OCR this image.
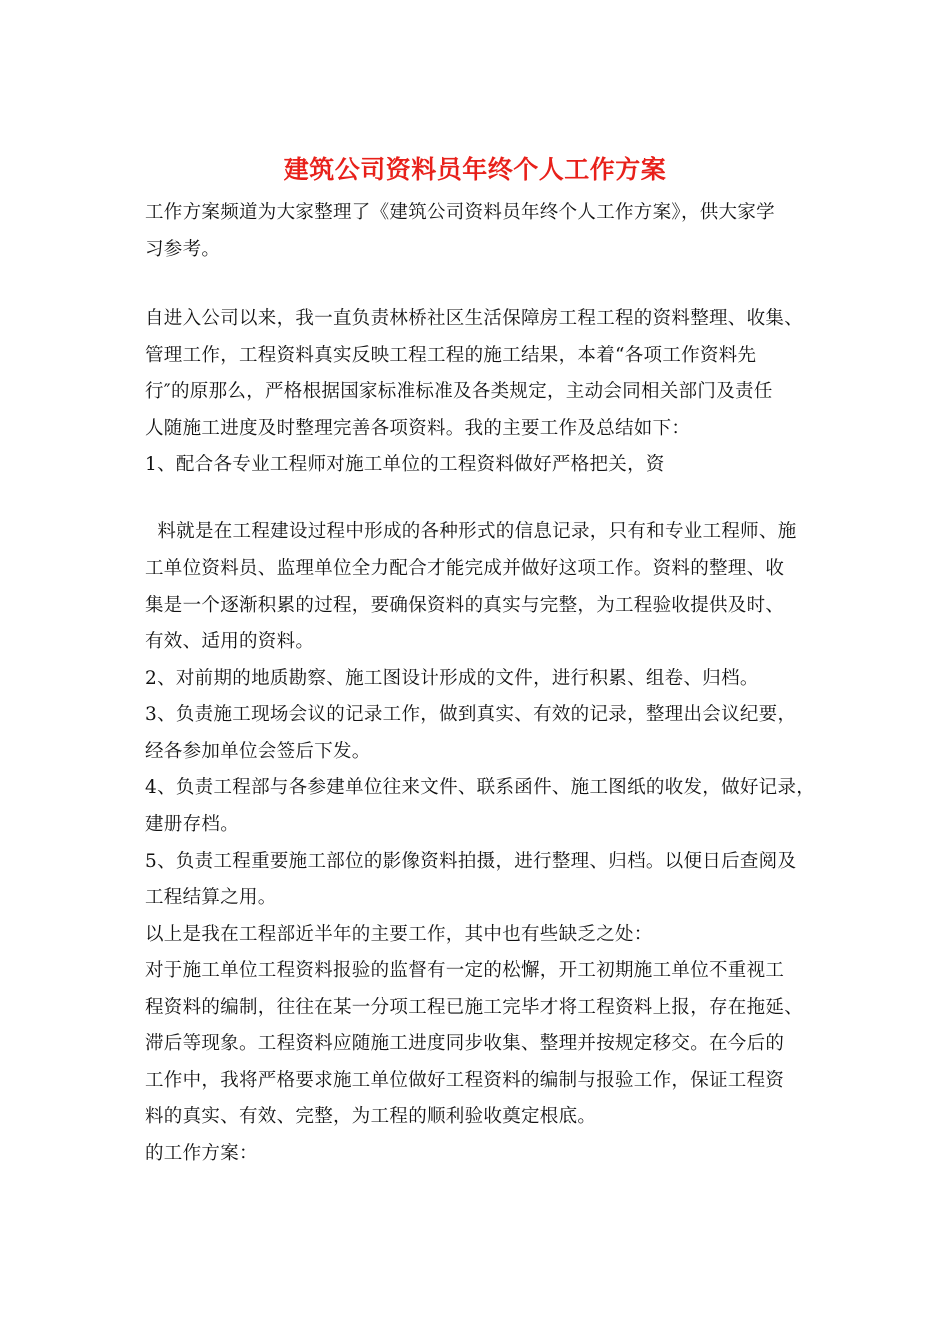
建筑公司资料员年终个人工作方案
工作方案频道为大家整理了《建筑公司资料员年终个人工作方案》，供大家学
习参考。
自进入公司以来，我一直负责林桥社区生活保障房工程工程的资料整理、收集、
管理工作，工程资料真实反映工程工程的施工结果，本着“各项工作资料先
行″的原那么，严格根据国家标准标准及各类规定，主动会同相关部门及责任
人随施工进度及时整理完善各项资料。我的主要工作及总结如下：
1、配合各专业工程师对施工单位的工程资料做好严格把关，资
料就是在工程建设过程中形成的各种形式的信息记录，只有和专业工程师、施
工单位资料员、监理单位全力配合才能完成并做好这项工作。资料的整理、收
集是一个逐渐积累的过程，要确保资料的真实与完整，为工程验收提供及时、
有效、适用的资料。
2、对前期的地质勘察、施工图设计形成的文件，进行积累、组卷、归档。
3、负责施工现场会议的记录工作，做到真实、有效的记录，整理出会议纪要，
经各参加单位会签后下发。
4、负责工程部与各参建单位往来文件、联系函件、施工图纸的收发，做好记录，
建册存档。
5、负责工程重要施工部位的影像资料拍摄，进行整理、归档。以便日后查阅及
工程结算之用。
以上是我在工程部近半年的主要工作，其中也有些缺乏之处：
对于施工单位工程资料报验的监督有一定的松懈，开工初期施工单位不重视工
程资料的编制，往往在某一分项工程已施工完毕才将工程资料上报，存在拖延、
滞后等现象。工程资料应随施工进度同步收集、整理并按规定移交。在今后的
工作中，我将严格要求施工单位做好工程资料的编制与报验工作，保证工程资
料的真实、有效、完整，为工程的顺利验收奠定根底。
的工作方案：
